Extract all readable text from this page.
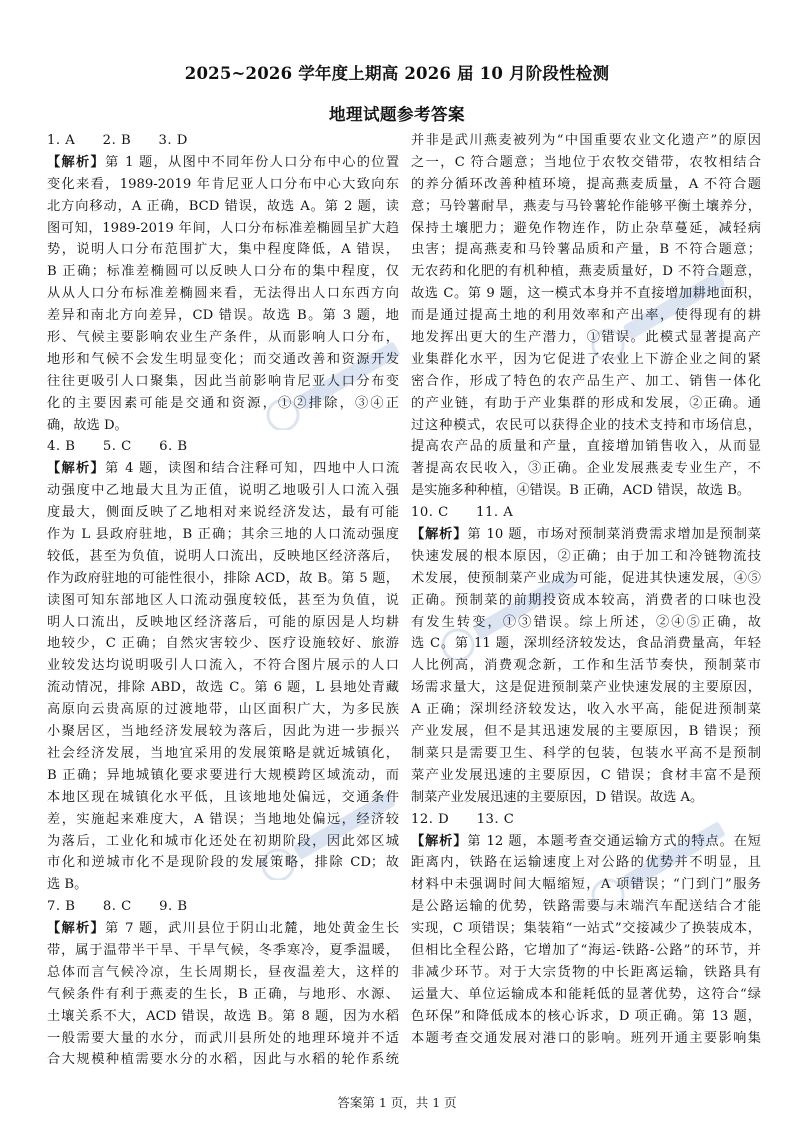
2025~2026 学年度上期高 2026 届 10 月阶段性检测
地理试题参考答案
1. A　　2. B　　3. D
【解析】第 1 题，从图中不同年份人口分布中心的位置
变化来看，1989-2019 年肯尼亚人口分布中心大致向东
北方向移动，A 正确，BCD 错误，故选 A。第 2 题，读
图可知，1989-2019 年间，人口分布标准差椭圆呈扩大趋
势，说明人口分布范围扩大，集中程度降低，A 错误，
B 正确；标准差椭圆可以反映人口分布的集中程度，仅
从从人口分布标准差椭圆来看，无法得出人口东西方向
差异和南北方向差异，CD 错误。故选 B。第 3 题，地
形、气候主要影响农业生产条件，从而影响人口分布，
地形和气候不会发生明显变化；而交通改善和资源开发
往往更吸引人口聚集，因此当前影响肯尼亚人口分布变
化的主要因素可能是交通和资源，①②排除，③④正
确，故选 D。
4. B　　5. C　　6. B
【解析】第 4 题，读图和结合注释可知，四地中人口流
动强度中乙地最大且为正值，说明乙地吸引人口流入强
度最大，侧面反映了乙地相对来说经济发达，最有可能
作为 L 县政府驻地，B 正确；其余三地的人口流动强度
较低，甚至为负值，说明人口流出，反映地区经济落后，
作为政府驻地的可能性很小，排除 ACD，故 B。第 5 题，
读图可知东部地区人口流动强度较低，甚至为负值，说
明人口流出，反映地区经济落后，可能的原因是人均耕
地较少，C 正确；自然灾害较少、医疗设施较好、旅游
业较发达均说明吸引人口流入，不符合图片展示的人口
流动情况，排除 ABD，故选 C。第 6 题，L 县地处青藏
高原向云贵高原的过渡地带，山区面积广大，为多民族
小聚居区，当地经济发展较为落后，因此为进一步振兴
社会经济发展，当地宜采用的发展策略是就近城镇化，
B 正确；异地城镇化要求要进行大规模跨区域流动，而
本地区现在城镇化水平低，且该地地处偏远，交通条件
差，实施起来难度大，A 错误；当地地处偏远，经济较
为落后，工业化和城市化还处在初期阶段，因此郊区城
市化和逆城市化不是现阶段的发展策略，排除 CD；故
选 B。
7. B　　8. C　　9. B
【解析】第 7 题，武川县位于阴山北麓，地处黄金生长
带，属于温带半干旱、干旱气候，冬季寒冷，夏季温暖，
总体而言气候冷凉，生长周期长，昼夜温差大，这样的
气候条件有利于燕麦的生长，B 正确，与地形、水源、
土壤关系不大，ACD 错误，故选 B。第 8 题，因为水稻
一般需要大量的水分，而武川县所处的地理环境并不适
合大规模种植需要水分的水稻，因此与水稻的轮作系统
并非是武川燕麦被列为“中国重要农业文化遗产”的原因
之一，C 符合题意；当地位于农牧交错带，农牧相结合
的养分循环改善种植环境，提高燕麦质量，A 不符合题
意；马铃薯耐旱，燕麦与马铃薯轮作能够平衡土壤养分，
保持土壤肥力；避免作物连作，防止杂草蔓延，减轻病
虫害；提高燕麦和马铃薯品质和产量，B 不符合题意；
无农药和化肥的有机种植，燕麦质量好，D 不符合题意，
故选 C。第 9 题，这一模式本身并不直接增加耕地面积，
而是通过提高土地的利用效率和产出率，使得现有的耕
地发挥出更大的生产潜力，①错误。此模式显著提高产
业集群化水平，因为它促进了农业上下游企业之间的紧
密合作，形成了特色的农产品生产、加工、销售一体化
的产业链，有助于产业集群的形成和发展，②正确。通
过这种模式，农民可以获得企业的技术支持和市场信息，
提高农产品的质量和产量，直接增加销售收入，从而显
著提高农民收入，③正确。企业发展燕麦专业生产，不
是实施多种种植，④错误。B 正确，ACD 错误，故选 B。
10. C　　11. A
【解析】第 10 题，市场对预制菜消费需求增加是预制菜
快速发展的根本原因，②正确；由于加工和冷链物流技
术发展，使预制菜产业成为可能，促进其快速发展，④⑤
正确。预制菜的前期投资成本较高，消费者的口味也没
有发生转变，①③错误。综上所述，②④⑤正确，故
选 C。第 11 题，深圳经济较发达，食品消费量高，年轻
人比例高，消费观念新，工作和生活节奏快，预制菜市
场需求量大，这是促进预制菜产业快速发展的主要原因，
A 正确；深圳经济较发达，收入水平高，能促进预制菜
产业发展，但不是其迅速发展的主要原因，B 错误；预
制菜只是需要卫生、科学的包装，包装水平高不是预制
菜产业发展迅速的主要原因，C 错误；食材丰富不是预
制菜产业发展迅速的主要原因，D 错误。故选 A。
12. D　　13. C
【解析】第 12 题，本题考查交通运输方式的特点。在短
距离内，铁路在运输速度上对公路的优势并不明显，且
材料中未强调时间大幅缩短，A 项错误；“门到门”服务
是公路运输的优势，铁路需要与末端汽车配送结合才能
实现，C 项错误；集装箱“一站式”交接减少了换装成本，
但相比全程公路，它增加了“海运-铁路-公路”的环节，并
非减少环节。对于大宗货物的中长距离运输，铁路具有
运量大、单位运输成本和能耗低的显著优势，这符合“绿
色环保”和降低成本的核心诉求，D 项正确。第 13 题，
本题考查交通发展对港口的影响。班列开通主要影响集
答案第 1 页，共 1 页
